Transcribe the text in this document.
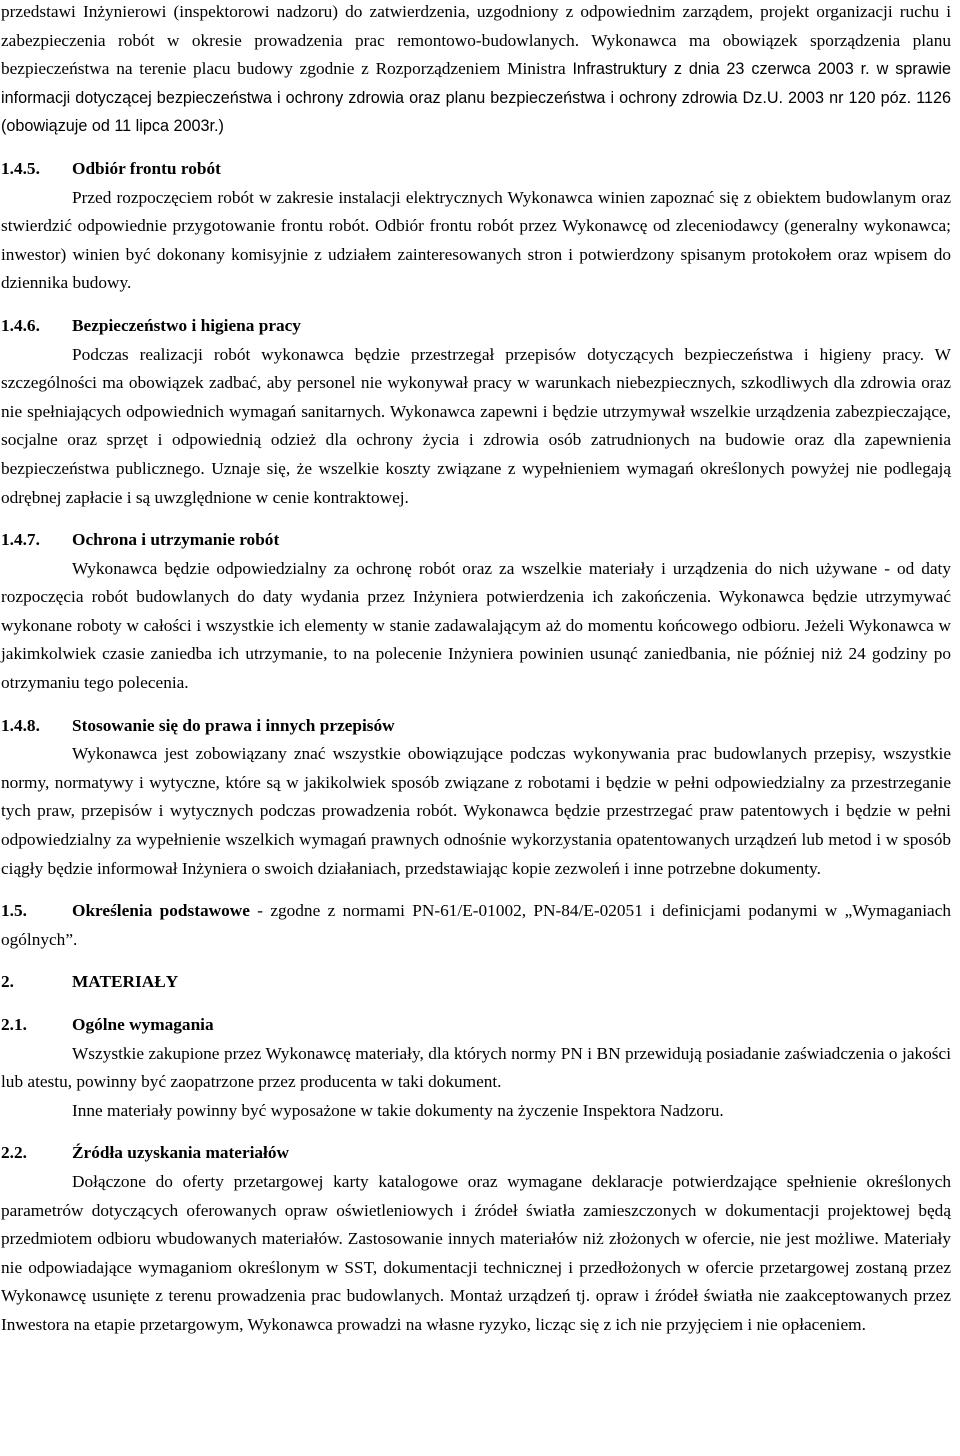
przedstawi Inżynierowi (inspektorowi nadzoru) do zatwierdzenia, uzgodniony z odpowiednim zarządem, projekt organizacji ruchu i zabezpieczenia robót w okresie prowadzenia prac remontowo-budowlanych. Wykonawca ma obowiązek sporządzenia planu bezpieczeństwa na terenie placu budowy zgodnie z Rozporządzeniem Ministra Infrastruktury z dnia 23 czerwca 2003 r. w sprawie informacji dotyczącej bezpieczeństwa i ochrony zdrowia oraz planu bezpieczeństwa i ochrony zdrowia Dz.U. 2003 nr 120 póz. 1126 (obowiązuje od 11 lipca 2003r.)

1.4.5.	Odbiór frontu robót

Przed rozpoczęciem robót w zakresie instalacji elektrycznych Wykonawca winien zapoznać się z obiektem budowlanym oraz stwierdzić odpowiednie przygotowanie frontu robót. Odbiór frontu robót przez Wykonawcę od zleceniodawcy (generalny wykonawca; inwestor) winien być dokonany komisyjnie z udziałem zainteresowanych stron i potwierdzony spisanym protokołem oraz wpisem do dziennika budowy.

1.4.6.	Bezpieczeństwo i higiena pracy

Podczas realizacji robót wykonawca będzie przestrzegał przepisów dotyczących bezpieczeństwa i higieny pracy. W szczególności ma obowiązek zadbać, aby personel nie wykonywał pracy w warunkach niebezpiecznych, szkodliwych dla zdrowia oraz nie spełniających odpowiednich wymagań sanitarnych. Wykonawca zapewni i będzie utrzymywał wszelkie urządzenia zabezpieczające, socjalne oraz sprzęt i odpowiednią odzież dla ochrony życia i zdrowia osób zatrudnionych na budowie oraz dla zapewnienia bezpieczeństwa publicznego. Uznaje się, że wszelkie koszty związane z wypełnieniem wymagań określonych powyżej nie podlegają odrębnej zapłacie i są uwzględnione w cenie kontraktowej.

1.4.7.	Ochrona i utrzymanie robót

Wykonawca będzie odpowiedzialny za ochronę robót oraz za wszelkie materiały i urządzenia do nich używane - od daty rozpoczęcia robót budowlanych do daty wydania przez Inżyniera potwierdzenia ich zakończenia. Wykonawca będzie utrzymywać wykonane roboty w całości i wszystkie ich elementy w stanie zadawalającym aż do momentu końcowego odbioru. Jeżeli Wykonawca w jakimkolwiek czasie zaniedba ich utrzymanie, to na polecenie Inżyniera powinien usunąć zaniedbania, nie później niż 24 godziny po otrzymaniu tego polecenia.

1.4.8.	Stosowanie się do prawa i innych przepisów

Wykonawca jest zobowiązany znać wszystkie obowiązujące podczas wykonywania prac budowlanych przepisy, wszystkie normy, normatywy i wytyczne, które są w jakikolwiek sposób związane z robotami i będzie w pełni odpowiedzialny za przestrzeganie tych praw, przepisów i wytycznych podczas prowadzenia robót. Wykonawca będzie przestrzegać praw patentowych i będzie w pełni odpowiedzialny za wypełnienie wszelkich wymagań prawnych odnośnie wykorzystania opatentowanych urządzeń lub metod i w sposób ciągły będzie informował Inżyniera o swoich działaniach, przedstawiając kopie zezwoleń i inne potrzebne dokumenty.

1.5.	Określenia podstawowe - zgodne z normami PN-61/E-01002, PN-84/E-02051 i definicjami podanymi w „Wymaganiach ogólnych”.

2.	MATERIAŁY
2.1.	Ogólne wymagania

Wszystkie zakupione przez Wykonawcę materiały, dla których normy PN i BN przewidują posiadanie zaświadczenia o jakości lub atestu, powinny być zaopatrzone przez producenta w taki dokument.

Inne materiały powinny być wyposażone w takie dokumenty na życzenie Inspektora Nadzoru.

2.2.	Źródła uzyskania materiałów

Dołączone do oferty przetargowej karty katalogowe oraz wymagane deklaracje potwierdzające spełnienie określonych parametrów dotyczących oferowanych opraw oświetleniowych i źródeł światła zamieszczonych w dokumentacji projektowej będą przedmiotem odbioru wbudowanych materiałów. Zastosowanie innych materiałów niż złożonych w ofercie, nie jest możliwe. Materiały nie odpowiadające wymaganiom określonym w SST, dokumentacji technicznej i przedłożonych w ofercie przetargowej zostaną przez Wykonawcę usunięte z terenu prowadzenia prac budowlanych. Montaż urządzeń tj. opraw i źródeł światła nie zaakceptowanych przez Inwestora na etapie przetargowym, Wykonawca prowadzi na własne ryzyko, licząc się z ich nie przyjęciem i nie opłaceniem.
